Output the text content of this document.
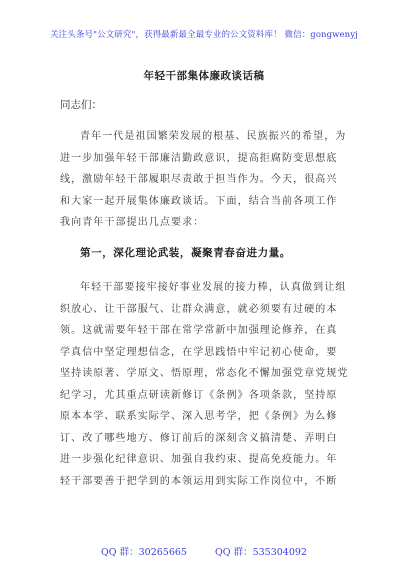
关注头条号"公文研究"，获得最新最全最专业的公文资料库！ 微信：gongwenyj
年轻干部集体廉政谈话稿
同志们：
青年一代是祖国繁荣发展的根基、民族振兴的希望，为
进一步加强年轻干部廉洁勤政意识，提高拒腐防变思想底
线，激励年轻干部履职尽责敢于担当作为。今天，很高兴
和大家一起开展集体廉政谈话。下面，结合当前各项工作
我向青年干部提出几点要求：
第一，深化理论武装，凝聚青春奋进力量。
年轻干部要接牢接好事业发展的接力棒，认真做到让组
织放心、让干部服气、让群众满意，就必须要有过硬的本
领。这就需要年轻干部在常学常新中加强理论修养，在真
学真信中坚定理想信念，在学思践悟中牢记初心使命，要
坚持读原著、学原文、悟原理，常态化不懈加强党章党规党
纪学习，尤其重点研读新修订《条例》各项条款，坚持原
原本本学、联系实际学、深入思考学，把《条例》为么修
订、改了哪些地方、修订前后的深刻含义搞清楚、弄明白
进一步强化纪律意识、加强自我约束、提高免疫能力。年
轻干部要善于把学到的本领运用到实际工作岗位中，不断
QQ 群：30265665	QQ 群：535304092
